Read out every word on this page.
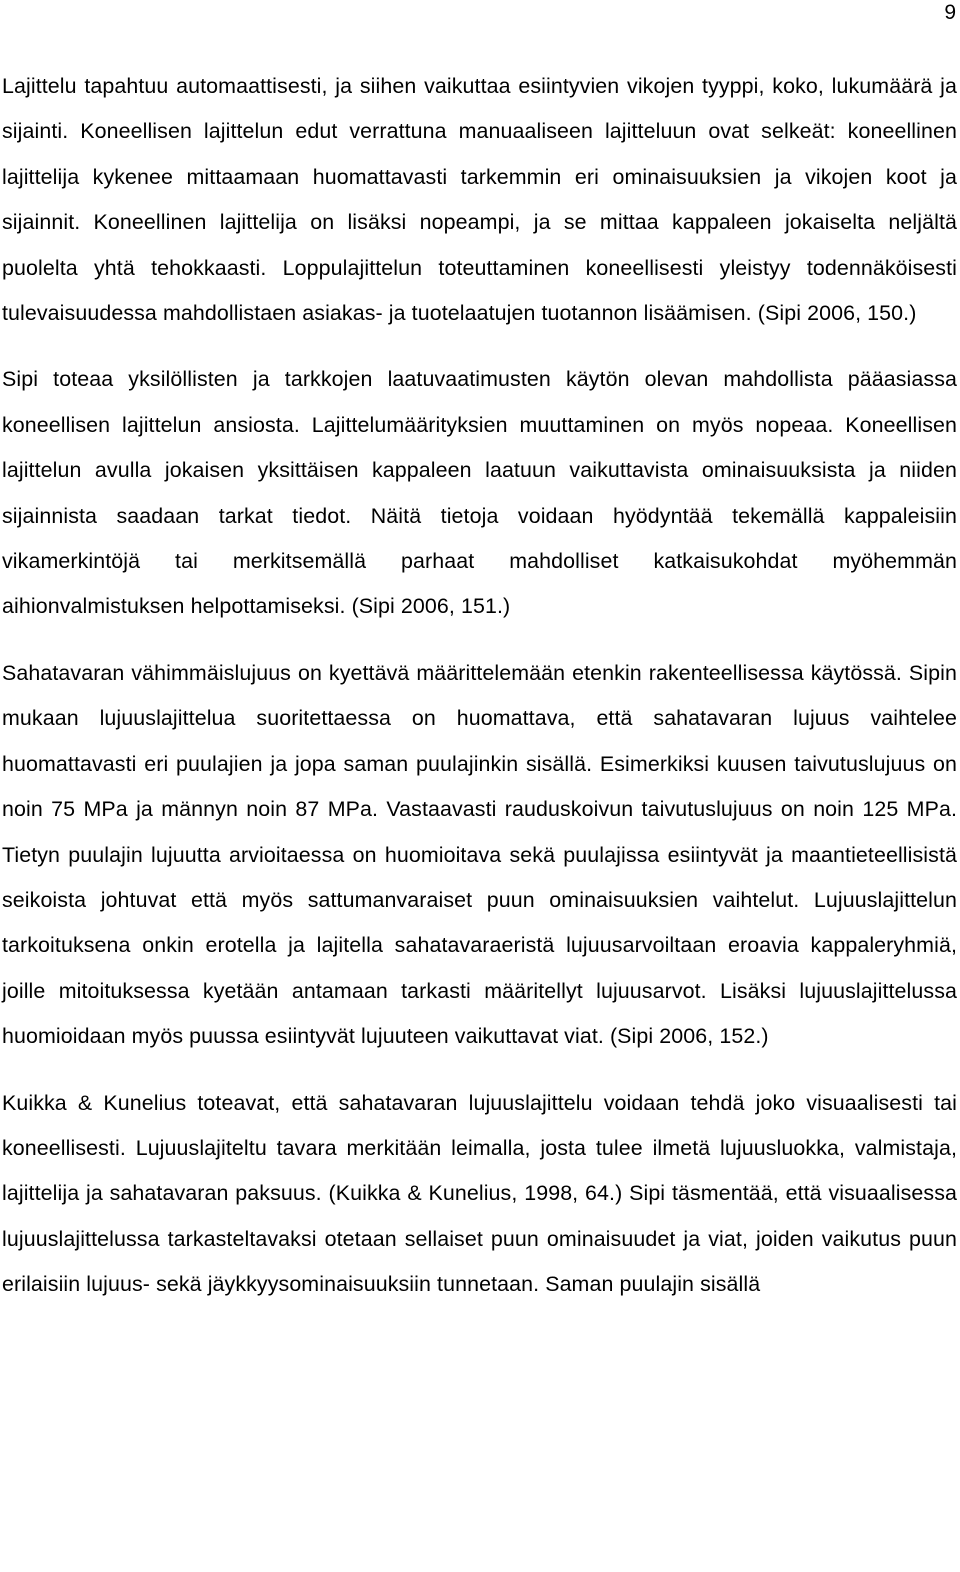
9

Lajittelu tapahtuu automaattisesti, ja siihen vaikuttaa esiintyvien vikojen tyyppi, koko, lukumäärä ja sijainti. Koneellisen lajittelun edut verrattuna manuaaliseen lajitteluun ovat selkeät: koneellinen lajittelija kykenee mittaamaan huomattavasti tarkemmin eri ominaisuuksien ja vikojen koot ja sijainnit. Koneellinen lajittelija on lisäksi nopeampi, ja se mittaa kappaleen jokaiselta neljältä puolelta yhtä tehokkaasti. Loppulajittelun toteuttaminen koneellisesti yleistyy todennäköisesti tulevaisuudessa mahdollistaen asiakas- ja tuotelaatujen tuotannon lisäämisen. (Sipi 2006, 150.)

Sipi toteaa yksilöllisten ja tarkkojen laatuvaatimusten käytön olevan mahdollista pääasiassa koneellisen lajittelun ansiosta. Lajittelumäärityksien muuttaminen on myös nopeaa. Koneellisen lajittelun avulla jokaisen yksittäisen kappaleen laatuun vaikuttavista ominaisuuksista ja niiden sijainnista saadaan tarkat tiedot. Näitä tietoja voidaan hyödyntää tekemällä kappaleisiin vikamerkintöjä tai merkitsemällä parhaat mahdolliset katkaisukohdat myöhemmän aihionvalmistuksen helpottamiseksi. (Sipi 2006, 151.)

Sahatavaran vähimmäislujuus on kyettävä määrittelemään etenkin rakenteellisessa käytössä. Sipin mukaan lujuuslajittelua suoritettaessa on huomattava, että sahatavaran lujuus vaihtelee huomattavasti eri puulajien ja jopa saman puulajinkin sisällä. Esimerkiksi kuusen taivutuslujuus on noin 75 MPa ja männyn noin 87 MPa. Vastaavasti rauduskoivun taivutuslujuus on noin 125 MPa. Tietyn puulajin lujuutta arvioitaessa on huomioitava sekä puulajissa esiintyvät ja maantieteellisistä seikoista johtuvat että myös sattumanvaraiset puun ominaisuuksien vaihtelut. Lujuuslajittelun tarkoituksena onkin erotella ja lajitella sahatavaraeristä lujuusarvoiltaan eroavia kappaleryhmiä, joille mitoituksessa kyetään antamaan tarkasti määritellyt lujuusarvot. Lisäksi lujuuslajittelussa huomioidaan myös puussa esiintyvät lujuuteen vaikuttavat viat. (Sipi 2006, 152.)

Kuikka & Kunelius toteavat, että sahatavaran lujuuslajittelu voidaan tehdä joko visuaalisesti tai koneellisesti. Lujuuslajiteltu tavara merkitään leimalla, josta tulee ilmetä lujuusluokka, valmistaja, lajittelija ja sahatavaran paksuus. (Kuikka & Kunelius, 1998, 64.) Sipi täsmentää, että visuaalisessa lujuuslajittelussa tarkasteltavaksi otetaan sellaiset puun ominaisuudet ja viat, joiden vaikutus puun erilaisiin lujuus- sekä jäykkyysominaisuuksiin tunnetaan. Saman puulajin sisällä
